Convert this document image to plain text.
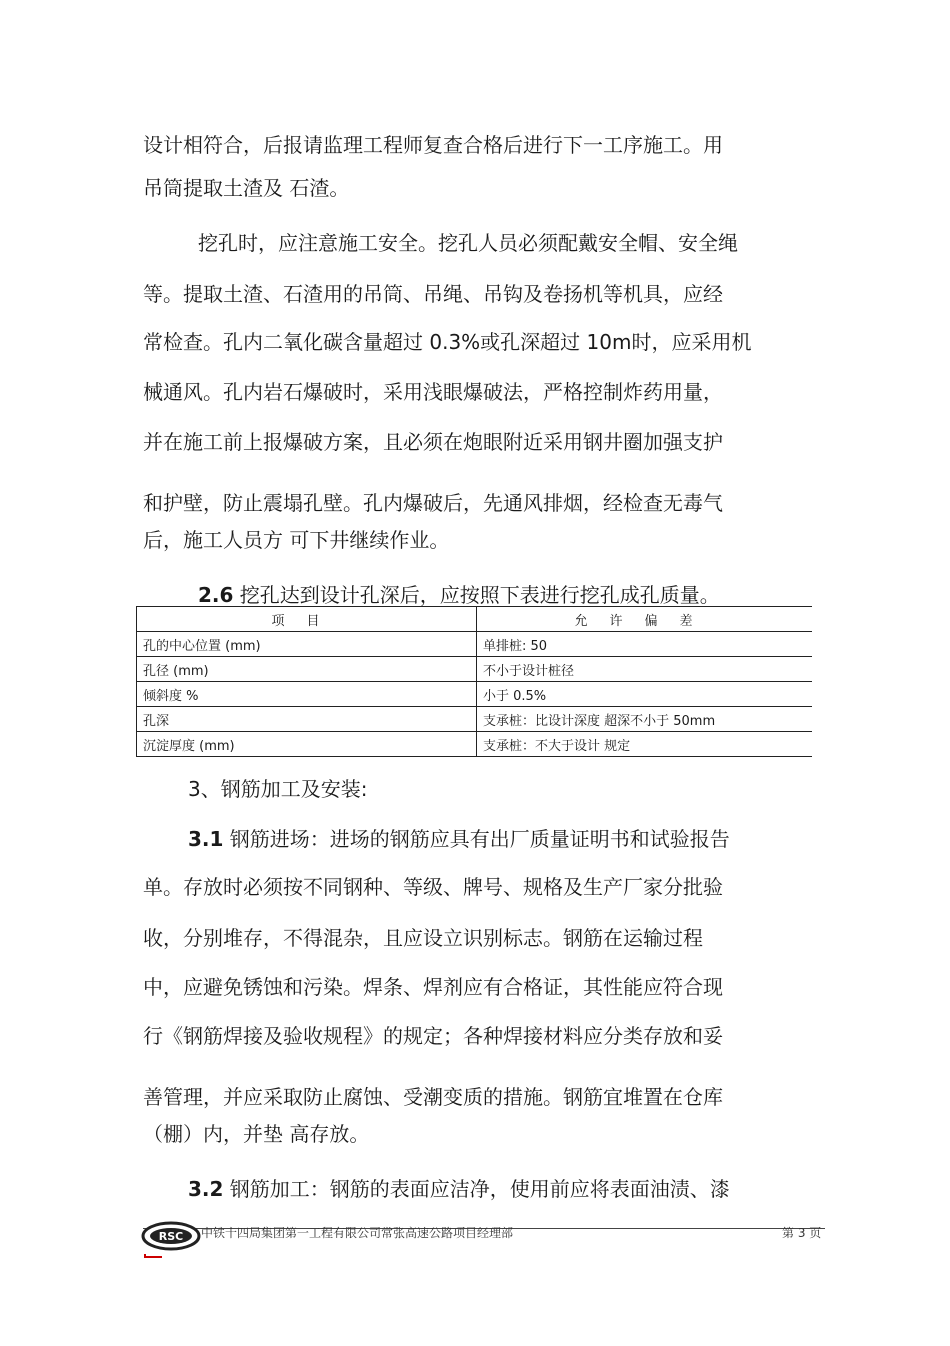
设计相符合，后报请监理工程师复查合格后进行下一工序施工。用
吊筒提取土渣及 石渣。
挖孔时，应注意施工安全。挖孔人员必须配戴安全帽、安全绳
等。提取土渣、石渣用的吊筒、吊绳、吊钩及卷扬机等机具，应经
常检查。孔内二氧化碳含量超过 0.3%或孔深超过 10m时，应采用机
械通风。孔内岩石爆破时，采用浅眼爆破法，严格控制炸药用量，
并在施工前上报爆破方案，且必须在炮眼附近采用钢井圈加强支护
和护壁，防止震塌孔壁。孔内爆破后，先通风排烟，经检查无毒气
后，施工人员方 可下井继续作业。
2.6 挖孔达到设计孔深后，应按照下表进行挖孔成孔质量。
项目	允许偏差
孔的中心位置 (mm)	单排桩: 50
孔径 (mm)	不小于设计桩径
倾斜度 %	小于 0.5%
孔深	支承桩：比设计深度 超深不小于 50mm
沉淀厚度 (mm)	支承桩：不大于设计 规定
3、钢筋加工及安装:
3.1 钢筋进场：进场的钢筋应具有出厂质量证明书和试验报告
单。存放时必须按不同钢种、等级、牌号、规格及生产厂家分批验
收，分别堆存，不得混杂，且应设立识别标志。钢筋在运输过程
中，应避免锈蚀和污染。焊条、焊剂应有合格证，其性能应符合现
行《钢筋焊接及验收规程》的规定；各种焊接材料应分类存放和妥
善管理，并应采取防止腐蚀、受潮变质的措施。钢筋宜堆置在仓库
（棚）内，并垫 高存放。
3.2 钢筋加工：钢筋的表面应洁净，使用前应将表面油渍、漆
RSC 中铁十四局集团第一工程有限公司常张高速公路项目经理部	第 3 页
